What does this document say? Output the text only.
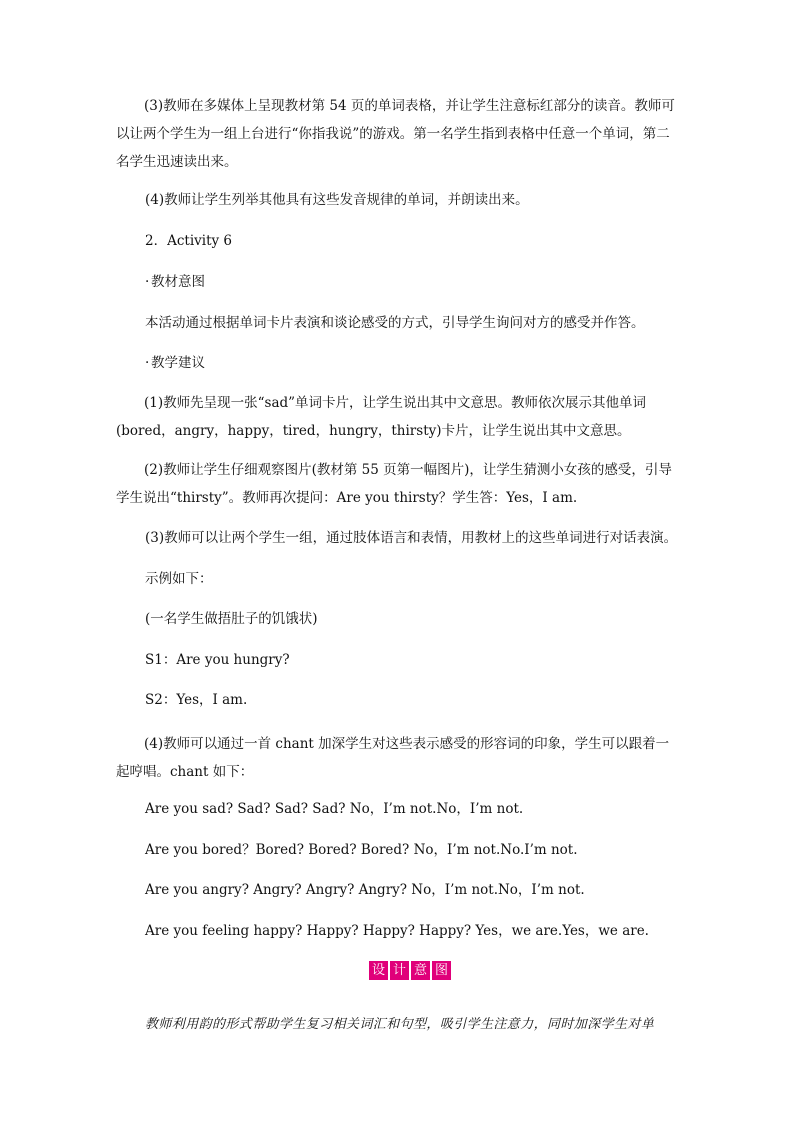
(3)教师在多媒体上呈现教材第 54 页的单词表格，并让学生注意标红部分的读音。教师可以让两个学生为一组上台进行“你指我说”的游戏。第一名学生指到表格中任意一个单词，第二名学生迅速读出来。

(4)教师让学生列举其他具有这些发音规律的单词，并朗读出来。

2．Activity 6

· 教材意图

本活动通过根据单词卡片表演和谈论感受的方式，引导学生询问对方的感受并作答。

· 教学建议

(1)教师先呈现一张“sad”单词卡片，让学生说出其中文意思。教师依次展示其他单词(bored，angry，happy，tired，hungry，thirsty)卡片，让学生说出其中文意思。

(2)教师让学生仔细观察图片(教材第 55 页第一幅图片)，让学生猜测小女孩的感受，引导学生说出“thirsty”。教师再次提问：Are you thirsty？学生答：Yes，I am.

(3)教师可以让两个学生一组，通过肢体语言和表情，用教材上的这些单词进行对话表演。

示例如下：

(一名学生做捂肚子的饥饿状)

S1：Are you hungry?

S2：Yes，I am.

(4)教师可以通过一首 chant 加深学生对这些表示感受的形容词的印象，学生可以跟着一起哼唱。chant 如下：

Are you sad? Sad? Sad? Sad? No，I’m not.No，I’m not.

Are you bored？Bored? Bored? Bored? No，I’m not.No.I’m not.

Are you angry? Angry? Angry? Angry? No，I’m not.No，I’m not.

Are you feeling happy? Happy? Happy? Happy? Yes，we are.Yes，we are.

设 计 意 图

教师利用韵的形式帮助学生复习相关词汇和句型，吸引学生注意力，同时加深学生对单
